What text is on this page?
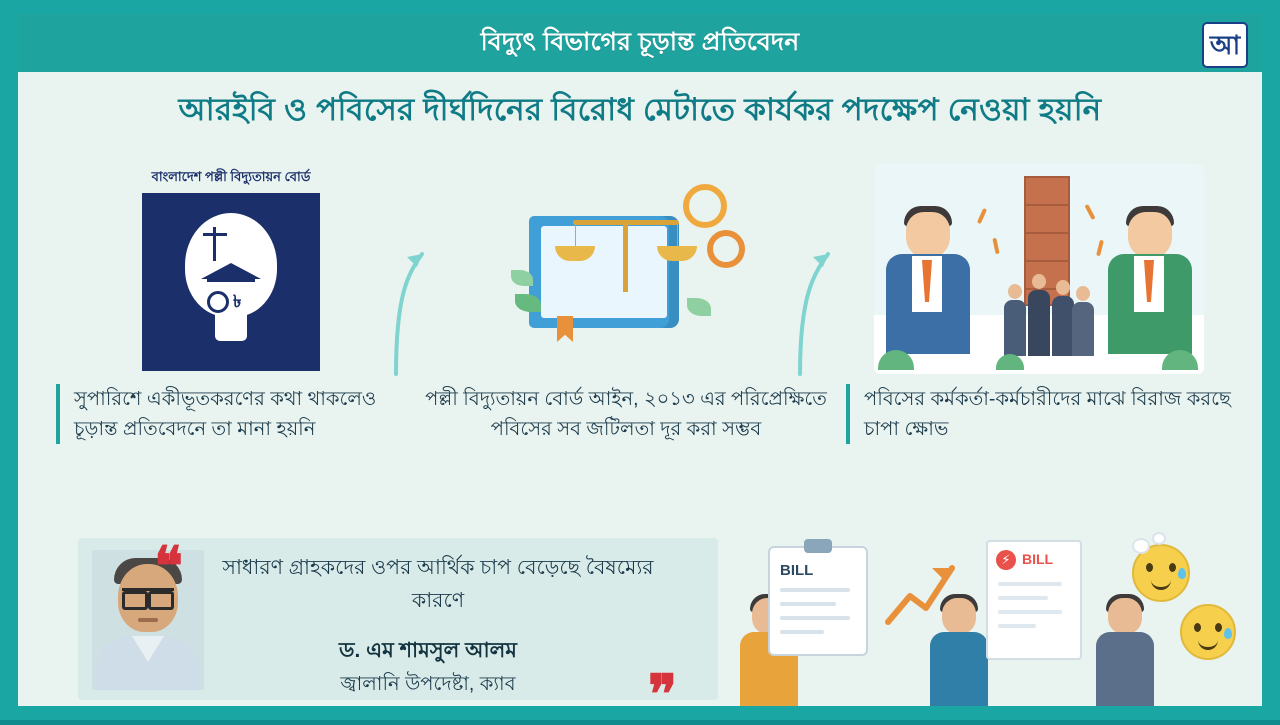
বিদ্যুৎ বিভাগের চূড়ান্ত প্রতিবেদন	আ
আরইবি ও পবিসের দীর্ঘদিনের বিরোধ মেটাতে কার্যকর পদক্ষেপ নেওয়া হয়নি
বাংলাদেশ পল্লী বিদ্যুতায়ন বোর্ড
৳
সুপারিশে একীভূতকরণের কথা থাকলেও চূড়ান্ত প্রতিবেদনে তা মানা হয়নি
পল্লী বিদ্যুতায়ন বোর্ড আইন, ২০১৩ এর পরিপ্রেক্ষিতে পবিসের সব জটিলতা দূর করা সম্ভব
পবিসের কর্মকর্তা-কর্মচারীদের মাঝে বিরাজ করছে চাপা ক্ষোভ
❝
❞
সাধারণ গ্রাহকদের ওপর আর্থিক চাপ বেড়েছে বৈষম্যের কারণে
ড. এম শামসুল আলম
জ্বালানি উপদেষ্টা, ক্যাব
BILL
⚡ BILL
